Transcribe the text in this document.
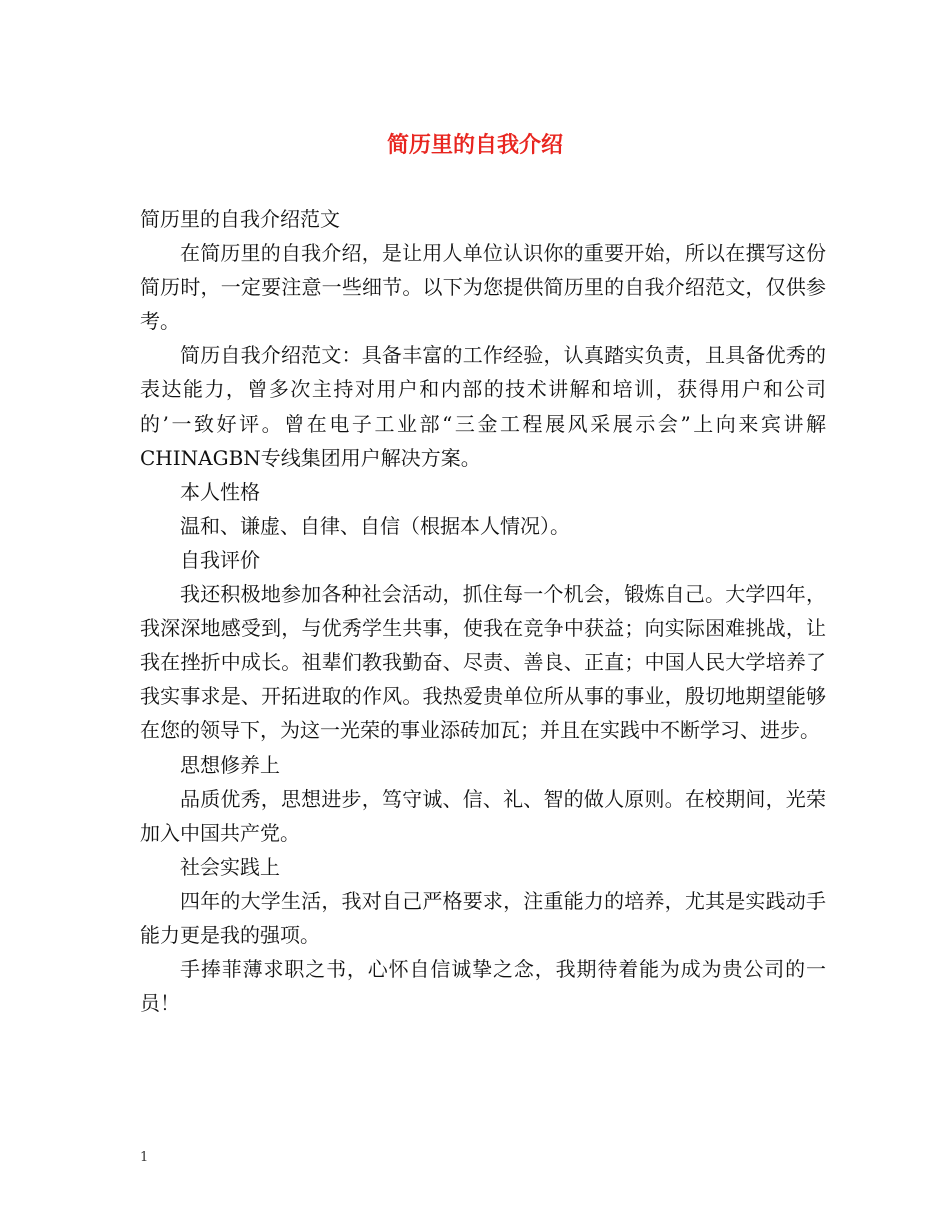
简历里的自我介绍

简历里的自我介绍范文

在简历里的自我介绍，是让用人单位认识你的重要开始，所以在撰写这份简历时，一定要注意一些细节。以下为您提供简历里的自我介绍范文，仅供参考。

简历自我介绍范文：具备丰富的工作经验，认真踏实负责，且具备优秀的表达能力，曾多次主持对用户和内部的技术讲解和培训，获得用户和公司的’一致好评。曾在电子工业部“三金工程展风采展示会”上向来宾讲解CHINAGBN专线集团用户解决方案。

本人性格

温和、谦虚、自律、自信（根据本人情况）。

自我评价

我还积极地参加各种社会活动，抓住每一个机会，锻炼自己。大学四年，我深深地感受到，与优秀学生共事，使我在竞争中获益；向实际困难挑战，让我在挫折中成长。祖辈们教我勤奋、尽责、善良、正直；中国人民大学培养了我实事求是、开拓进取的作风。我热爱贵单位所从事的事业，殷切地期望能够在您的领导下，为这一光荣的事业添砖加瓦；并且在实践中不断学习、进步。

思想修养上

品质优秀，思想进步，笃守诚、信、礼、智的做人原则。在校期间，光荣加入中国共产党。

社会实践上

四年的大学生活，我对自己严格要求，注重能力的培养，尤其是实践动手能力更是我的强项。

手捧菲薄求职之书，心怀自信诚挚之念，我期待着能为成为贵公司的一员！

1
